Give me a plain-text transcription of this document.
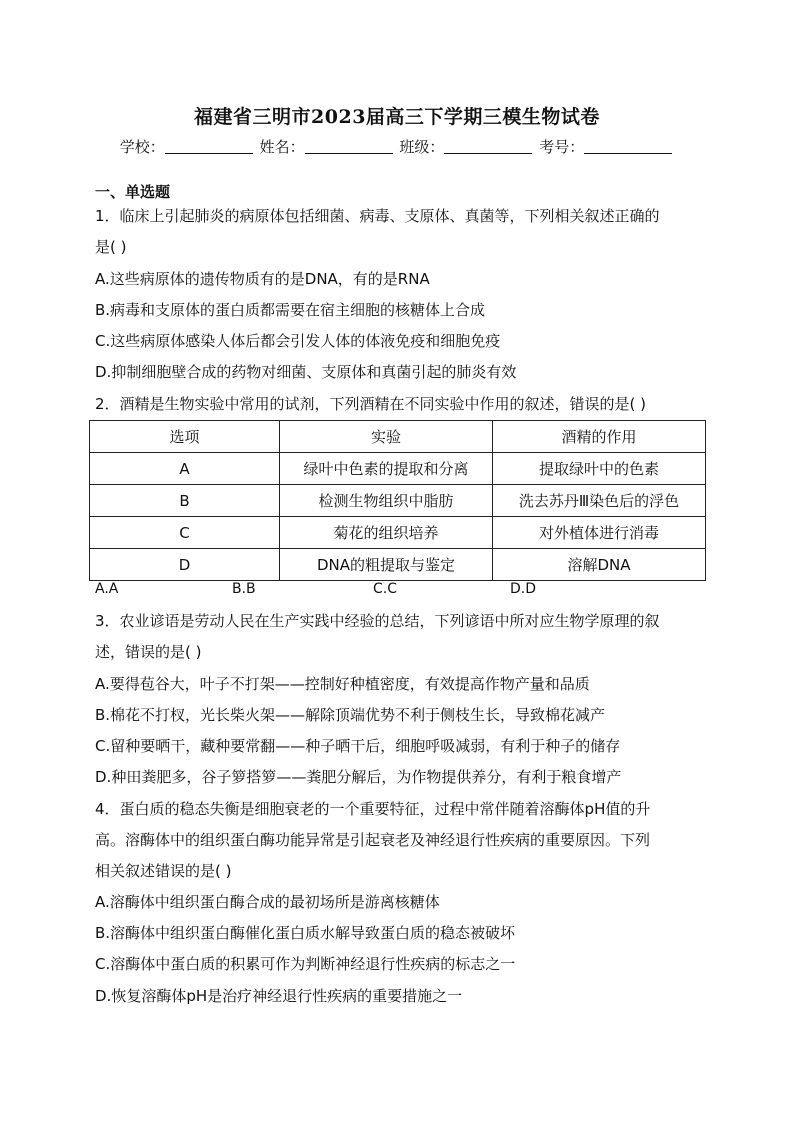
福建省三明市2023届高三下学期三模生物试卷
学校：	姓名：	班级：	考号：
一、单选题
1．临床上引起肺炎的病原体包括细菌、病毒、支原体、真菌等，下列相关叙述正确的
是( )
A.这些病原体的遗传物质有的是DNA，有的是RNA
B.病毒和支原体的蛋白质都需要在宿主细胞的核糖体上合成
C.这些病原体感染人体后都会引发人体的体液免疫和细胞免疫
D.抑制细胞壁合成的药物对细菌、支原体和真菌引起的肺炎有效
2．酒精是生物实验中常用的试剂，下列酒精在不同实验中作用的叙述，错误的是( )
选项	实验	酒精的作用
A	绿叶中色素的提取和分离	提取绿叶中的色素
B	检测生物组织中脂肪	洗去苏丹Ⅲ染色后的浮色
C	菊花的组织培养	对外植体进行消毒
D	DNA的粗提取与鉴定	溶解DNA
A.A	B.B	C.C	D.D
3．农业谚语是劳动人民在生产实践中经验的总结，下列谚语中所对应生物学原理的叙
述，错误的是( )
A.要得苞谷大，叶子不打架——控制好种植密度，有效提高作物产量和品质
B.棉花不打杈，光长柴火架——解除顶端优势不利于侧枝生长，导致棉花减产
C.留种要晒干，藏种要常翻——种子晒干后，细胞呼吸减弱，有利于种子的储存
D.种田粪肥多，谷子箩搭箩——粪肥分解后，为作物提供养分，有利于粮食增产
4．蛋白质的稳态失衡是细胞衰老的一个重要特征，过程中常伴随着溶酶体pH值的升
高。溶酶体中的组织蛋白酶功能异常是引起衰老及神经退行性疾病的重要原因。下列
相关叙述错误的是( )
A.溶酶体中组织蛋白酶合成的最初场所是游离核糖体
B.溶酶体中组织蛋白酶催化蛋白质水解导致蛋白质的稳态被破坏
C.溶酶体中蛋白质的积累可作为判断神经退行性疾病的标志之一
D.恢复溶酶体pH是治疗神经退行性疾病的重要措施之一
